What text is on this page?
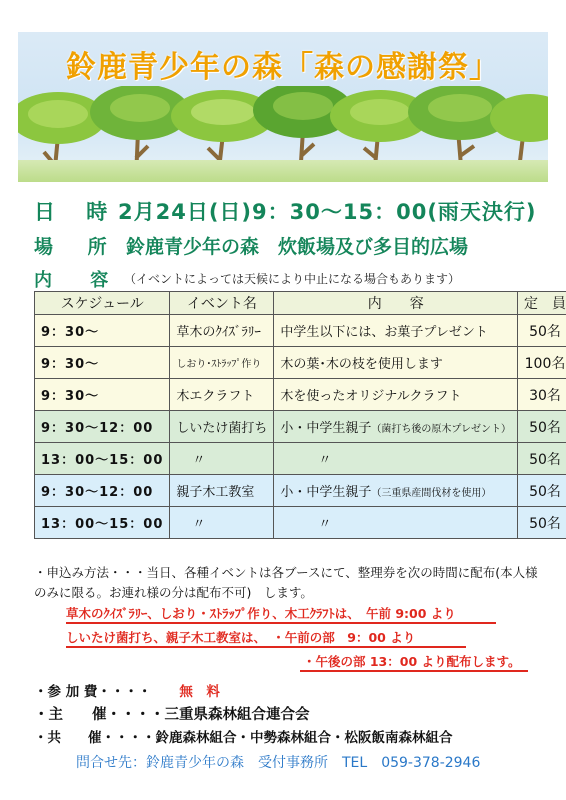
鈴鹿青少年の森「森の感謝祭」
日 時
2月24日(日)9：30～15：00(雨天決行)
場 所 鈴鹿青少年の森　炊飯場及び多目的広場
内 容 （イベントによっては天候により中止になる場合もあります）
スケジュール	イベント名	内　　容	定　員
9：30～	草木のｸｲｽﾞﾗﾘｰ	中学生以下には、お菓子プレゼント	50名
9：30～	しおり･ｽﾄﾗｯﾌﾟ作り	木の葉･木の枝を使用します	100名
9：30～	木エクラフト	木を使ったオリジナルクラフト	30名
9：30～12：00	しいたけ菌打ち	小・中学生親子（菌打ち後の原木プレゼント）	50名
13：00～15：00	〃	〃	50名
9：30～12：00	親子木工教室	小・中学生親子（三重県産間伐材を使用）	50名
13：00～15：00	〃	〃	50名
・申込み方法・・・当日、各種イベントは各ブースにて、整理券を次の時間に配布(本人様のみに限る。お連れ様の分は配布不可)　します。
草木のｸｲｽﾞﾗﾘｰ、しおり・ｽﾄﾗｯﾌﾟ作り、木工ｸﾗﾌﾄは、　午前 9:00 より
しいたけ菌打ち、親子木工教室は、　・午前の部　9：00 より
・午後の部 13：00 より配布します。
・参 加 費・・・・ 無　料
・主　　催・・・・三重県森林組合連合会
・共　　催・・・・鈴鹿森林組合・中勢森林組合・松阪飯南森林組合
問合せ先：鈴鹿青少年の森　受付事務所　TEL　059-378-2946
